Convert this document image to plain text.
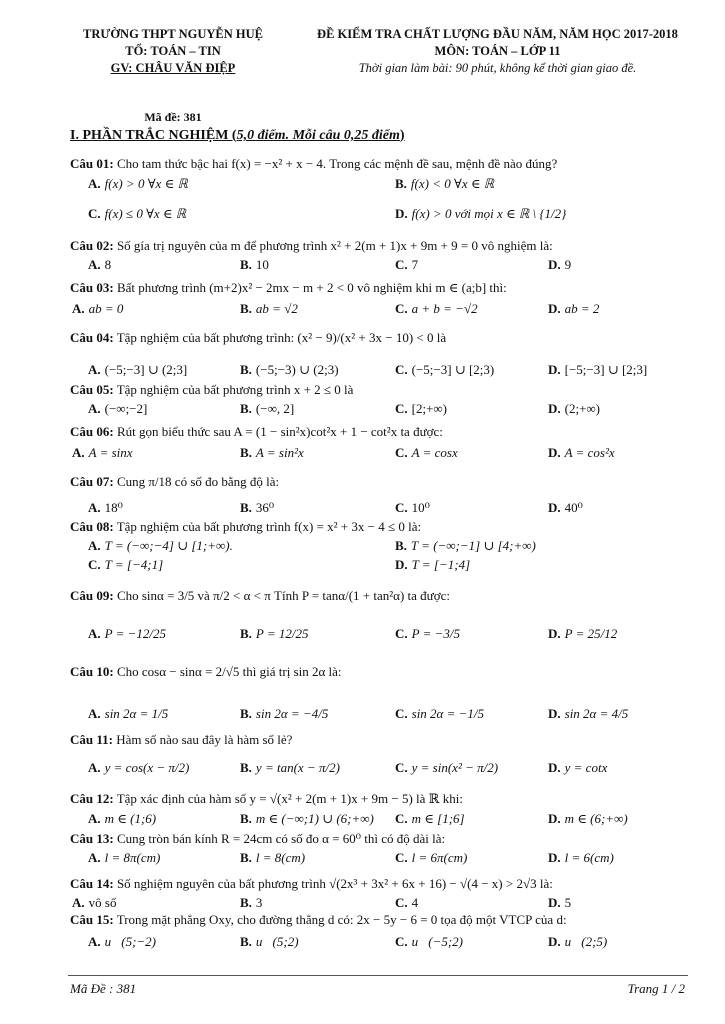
TRƯỜNG THPT NGUYỄN HUỆ
TỔ: TOÁN – TIN
GV: CHÂU VĂN ĐIỆP
ĐỀ KIỂM TRA CHẤT LƯỢNG ĐẦU NĂM, NĂM HỌC 2017-2018
MÔN: TOÁN – LỚP 11
Thời gian làm bài: 90 phút, không kể thời gian giao đề.
Mã đề: 381
I. PHẦN TRẮC NGHIỆM (5,0 điểm. Mỗi câu 0,25 điểm)
Câu 01: Cho tam thức bậc hai f(x) = −x² + x − 4. Trong các mệnh đề sau, mệnh đề nào đúng?
A. f(x) > 0 ∀x ∈ ℝ	B. f(x) < 0 ∀x ∈ ℝ
C. f(x) ≤ 0 ∀x ∈ ℝ	D. f(x) > 0 với mọi x ∈ ℝ \ {1/2}
Câu 02: Số gía trị nguyên của m để phương trình x² + 2(m + 1)x + 9m + 9 = 0 vô nghiệm là:
A. 8	B. 10	C. 7	D. 9
Câu 03: Bất phương trình (m+2)x² − 2mx − m + 2 < 0 vô nghiệm khi m ∈ (a;b] thì:
A. ab = 0	B. ab = √2	C. a + b = −√2	D. ab = 2
Câu 04: Tập nghiệm của bất phương trình: (x² − 9)/(x² + 3x − 10) < 0 là
A. (−5;−3] ∪ (2;3]	B. (−5;−3) ∪ (2;3)	C. (−5;−3] ∪ [2;3)	D. [−5;−3] ∪ [2;3]
Câu 05: Tập nghiệm của bất phương trình x + 2 ≤ 0 là
A. (−∞;−2]	B. (−∞, 2]	C. [2;+∞)	D. (2;+∞)
Câu 06: Rút gọn biểu thức sau A = (1 − sin²x)cot²x + 1 − cot²x ta được:
A. A = sinx	B. A = sin²x	C. A = cosx	D. A = cos²x
Câu 07: Cung π/18 có số đo bằng độ là:
A. 18⁰	B. 36⁰	C. 10⁰	D. 40⁰
Câu 08: Tập nghiệm của bất phương trình f(x) = x² + 3x − 4 ≤ 0 là:
A. T = (−∞;−4] ∪ [1;+∞).	B. T = (−∞;−1] ∪ [4;+∞)
C. T = [−4;1]	D. T = [−1;4]
Câu 09: Cho sinα = 3/5 và π/2 < α < π Tính P = tanα/(1 + tan²α) ta được:
A. P = −12/25	B. P = 12/25	C. P = −3/5	D. P = 25/12
Câu 10: Cho cosα − sinα = 2/√5 thì giá trị sin 2α là:
A. sin 2α = 1/5	B. sin 2α = −4/5	C. sin 2α = −1/5	D. sin 2α = 4/5
Câu 11: Hàm số nào sau đây là hàm số lẻ?
A. y = cos(x − π/2)	B. y = tan(x − π/2)	C. y = sin(x² − π/2)	D. y = cotx
Câu 12: Tập xác định của hàm số y = √(x² + 2(m + 1)x + 9m − 5) là ℝ khi:
A. m ∈ (1;6)	B. m ∈ (−∞;1) ∪ (6;+∞) C. m ∈ [1;6]	D. m ∈ (6;+∞)
Câu 13: Cung tròn bán kính R = 24cm có số đo α = 60⁰ thì có độ dài là:
A. l = 8π(cm)	B. l = 8(cm)	C. l = 6π(cm)	D. l = 6(cm)
Câu 14: Số nghiệm nguyên của bất phương trình √(2x³ + 3x² + 6x + 16) − √(4 − x) > 2√3 là:
A. vô số	B. 3	C. 4	D. 5
Câu 15: Trong mặt phẳng Oxy, cho đường thẳng d có: 2x − 5y − 6 = 0 tọa độ một VTCP của d:
A. u⃗(5;−2)	B. u⃗(5;2)	C. u⃗(−5;2)	D. u⃗(2;5)
Mã Đề : 381	Trang 1 / 2
